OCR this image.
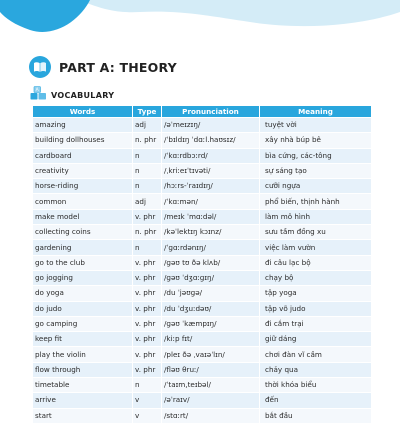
PART A: THEORY
A
VOCABULARY
Words	Type	Pronunciation	Meaning
amazing	adj	/əˈmeɪzɪŋ/	tuyệt vời
building dollhouses	n. phr	/ˈbɪldɪŋ ˈdɑːl.haʊsɪz/	xây nhà búp bê
cardboard	n	/ˈkɑːrdbɔːrd/	bìa cứng, các-tông
creativity	n	/ˌkriːeɪˈtɪvəti/	sự sáng tạo
horse-riding	n	/hɔːrs-ˈraɪdɪŋ/	cưỡi ngựa
common	adj	/ˈkɑːmən/	phổ biến, thịnh hành
make model	v. phr	/meɪk ˈmɑːdəl/	làm mô hình
collecting coins	n. phr	/kəˈlektɪŋ kɔɪnz/	sưu tầm đồng xu
gardening	n	/ˈɡɑːrdənɪŋ/	việc làm vườn
go to the club	v. phr	/ɡəʊ tʊ ðə klʌb/	đi câu lạc bộ
go jogging	v. phr	/ɡəʊ ˈdʒɑːɡɪŋ/	chạy bộ
do yoga	v. phr	/du ˈjəʊɡə/	tập yoga
do judo	v. phr	/du ˈdʒuːdəʊ/	tập võ judo
go camping	v. phr	/ɡəʊ ˈkæmpɪŋ/	đi cắm trại
keep fit	v. phr	/kiːp fɪt/	giữ dáng
play the violin	v. phr	/pleɪ ðə ˌvaɪəˈlɪn/	chơi đàn vĩ cầm
flow through	v. phr	/fləʊ θruː/	chảy qua
timetable	n	/ˈtaɪm,teɪbəl/	thời khóa biểu
arrive	v	/əˈraɪv/	đến
start	v	/stɑːrt/	bắt đầu
